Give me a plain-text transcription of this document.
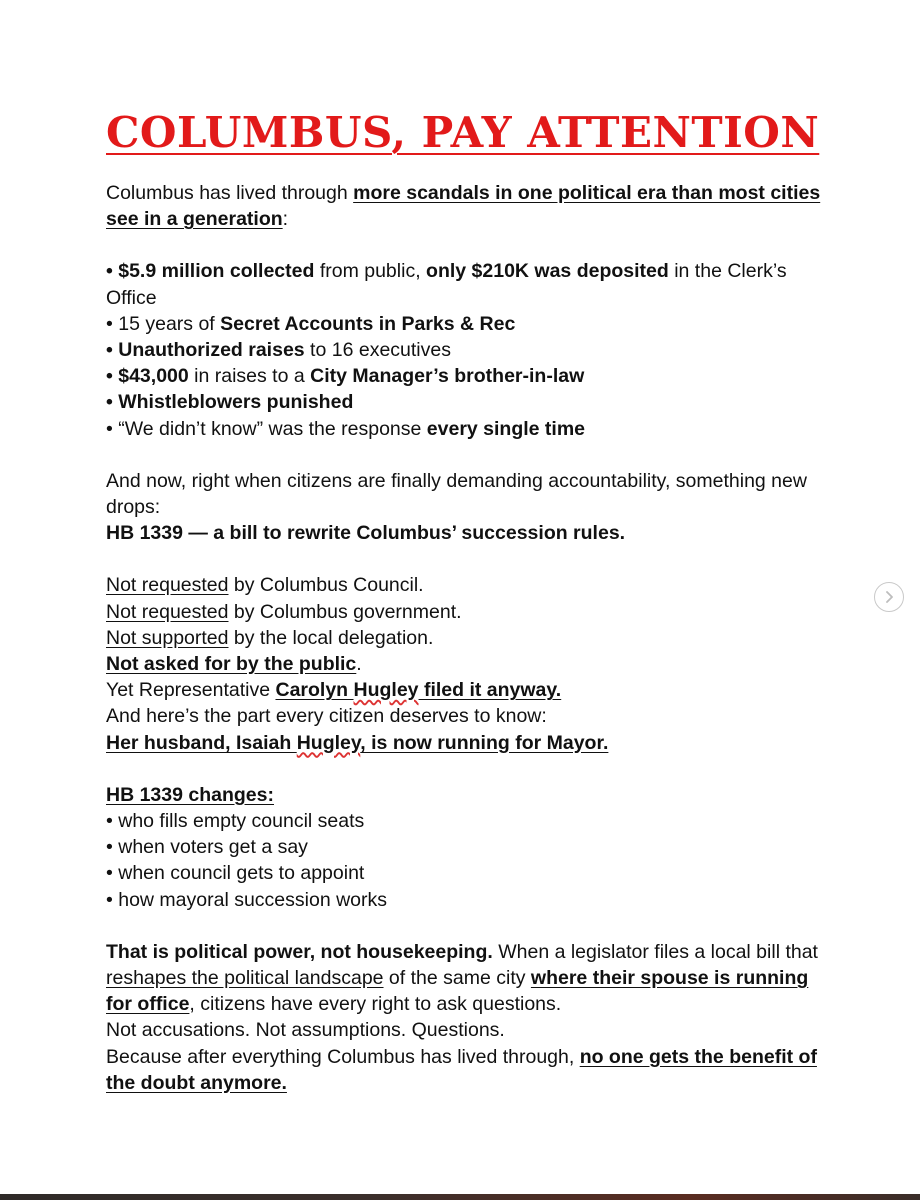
COLUMBUS, PAY ATTENTION

Columbus has lived through more scandals in one political era than most cities see in a generation:

• $5.9 million collected from public, only $210K was deposited in the Clerk’s Office

• 15 years of Secret Accounts in Parks & Rec

• Unauthorized raises to 16 executives

• $43,000 in raises to a City Manager’s brother-in-law

• Whistleblowers punished

• “We didn’t know” was the response every single time

And now, right when citizens are finally demanding accountability, something new drops:

HB 1339 — a bill to rewrite Columbus’ succession rules.

Not requested by Columbus Council.

Not requested by Columbus government.

Not supported by the local delegation.

Not asked for by the public.

Yet Representative Carolyn Hugley filed it anyway.

And here’s the part every citizen deserves to know:

Her husband, Isaiah Hugley, is now running for Mayor.

HB 1339 changes:

• who fills empty council seats

• when voters get a say

• when council gets to appoint

• how mayoral succession works

That is political power, not housekeeping. When a legislator files a local bill that reshapes the political landscape of the same city where their spouse is running for office, citizens have every right to ask questions.

Not accusations. Not assumptions. Questions.

Because after everything Columbus has lived through, no one gets the benefit of the doubt anymore.
